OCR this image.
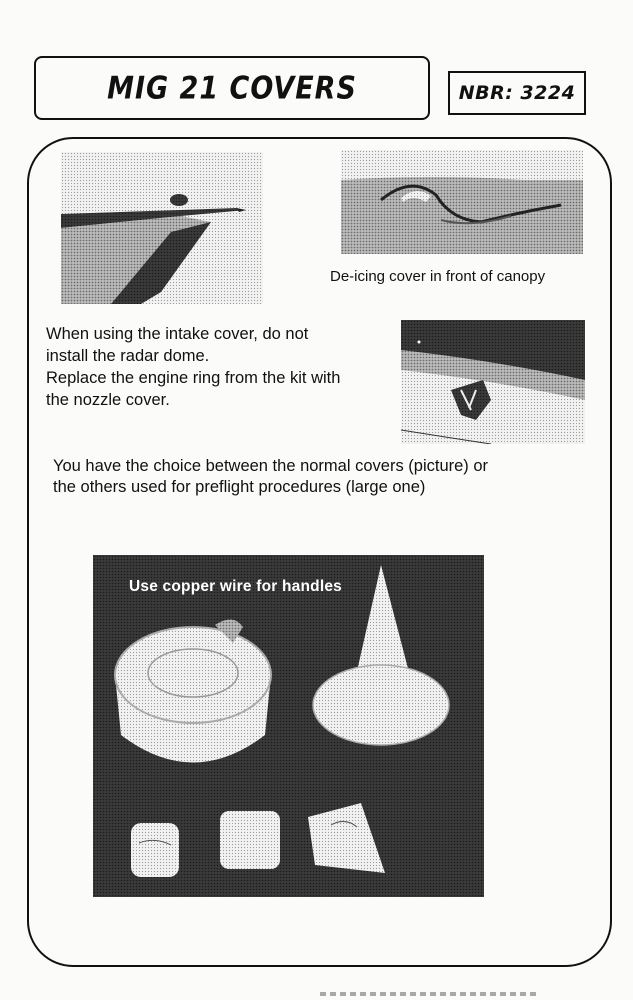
MIG 21 COVERS	NBR: 3224
De-icing cover in front of canopy
When using the intake cover, do not
install the radar dome.
Replace the engine ring from the kit with
the nozzle cover.
You have the choice between the normal covers (picture) or
the others used for preflight procedures (large one)
Use copper wire for handles
